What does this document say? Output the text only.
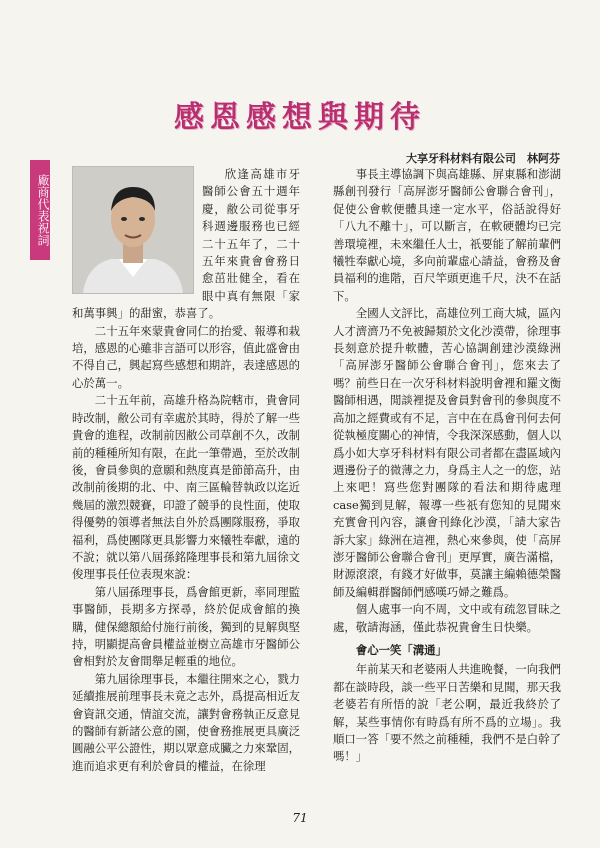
感恩感想與期待
廠商代表祝詞
大享牙科材料有限公司　林阿芬

欣逢高雄市牙醫師公會五十週年慶，敝公司從事牙科週邊服務也已經二十五年了，二十五年來貴會會務日愈茁壯健全，看在眼中真有無限「家和萬事興」的甜蜜，恭喜了。

二十五年來蒙貴會同仁的抬愛、報導和栽培，感恩的心雖非言語可以形容，值此盛會由不得自己，興起寫些感想和期許，表達感恩的心於萬一。

二十五年前，高雄升格為院轄市，貴會同時改制，敝公司有幸處於其時，得於了解一些貴會的進程，改制前因敝公司草創不久，改制前的種種所知有限，在此一筆帶過，至於改制後，會員參與的意願和熱度真是節節高升，由改制前後期的北、中、南三區輪替執政以迄近幾屆的激烈競賽，印證了競爭的良性面，使取得優勢的領導者無法自外於爲團隊服務，爭取福利，爲使團隊更具影響力來犧牲奉獻，遠的不說；就以第八屆孫銘隆理事長和第九屆徐文俊理事長任位表現來說：

第八屆孫理事長，爲會館更新，率同理監事醫師，長期多方探尋，終於促成會館的換購，健保總額給付施行前後，獨到的見解與堅持，明顯提高會員權益並樹立高雄市牙醫師公會相對於友會間舉足輕重的地位。

第九屆徐理事長，本繼往開來之心，戮力延續推展前理事長未竟之志外，爲提高相近友會資訊交通，情誼交流，讓對會務執正反意見的醫師有新諸公意的園，使會務推展更具廣泛圓融公平公證性，期以眾意成臟之力來鞏固，進而追求更有利於會員的權益，在徐理

事長主導協調下與高雄縣、屏東縣和澎湖縣創刊發行「高屏澎牙醫師公會聯合會刊」，促使公會軟便體具達一定水平，俗話說得好「八九不離十」，可以斷言，在軟硬體均已完善環境裡，未來繼任人士，祇要能了解前輩們犧牲奉獻心境，多向前輩虛心請益，會務及會員福利的進階，百尺竿頭更進千尺，決不在話下。

全國人文評比，高雄位列工商大城，區內人才濟濟乃不免被歸類於文化沙漠帶，徐理事長刻意於提升軟體，苦心協調創建沙漠綠洲「高屏澎牙醫師公會聯合會刊」，您來去了嗎？前些日在一次牙科材料說明會裡和羅文衡醫師相遇，閒談裡提及會員對會刊的參與度不高加之經費或有不足，言中在在爲會刊何去何從執極度關心的神情，令我深深感動，個人以爲小如大享牙科材料有限公司者都在盡區域內週邊份子的微薄之力，身爲主人之一的您，站上來吧！寫些您對團隊的看法和期待處理case獨到見解，報導一些祇有您知的見聞來充實會刊內容，讓會刊綠化沙漠，「請大家告訴大家」綠洲在這裡，熱心來參與，使「高屏澎牙醫師公會聯合會刊」更厚實，廣告滿檔，財源滾滾，有錢才好做事，莫讓主編賴德榮醫師及編輯群醫師們感嘆巧婦之難爲。

個人處事一向不周，文中或有疏忽冒昧之處，敬請海涵，僅此恭祝貴會生日快樂。

會心一笑「溝通」

年前某天和老婆兩人共進晚餐，一向我們都在談時段，談一些平日苦樂和見聞，那天我老婆若有所悟的說「老公啊，最近我終於了解，某些事情你有時爲有所不爲的立場」。我順口一答「要不然之前種種，我們不是白幹了嗎！」

71
